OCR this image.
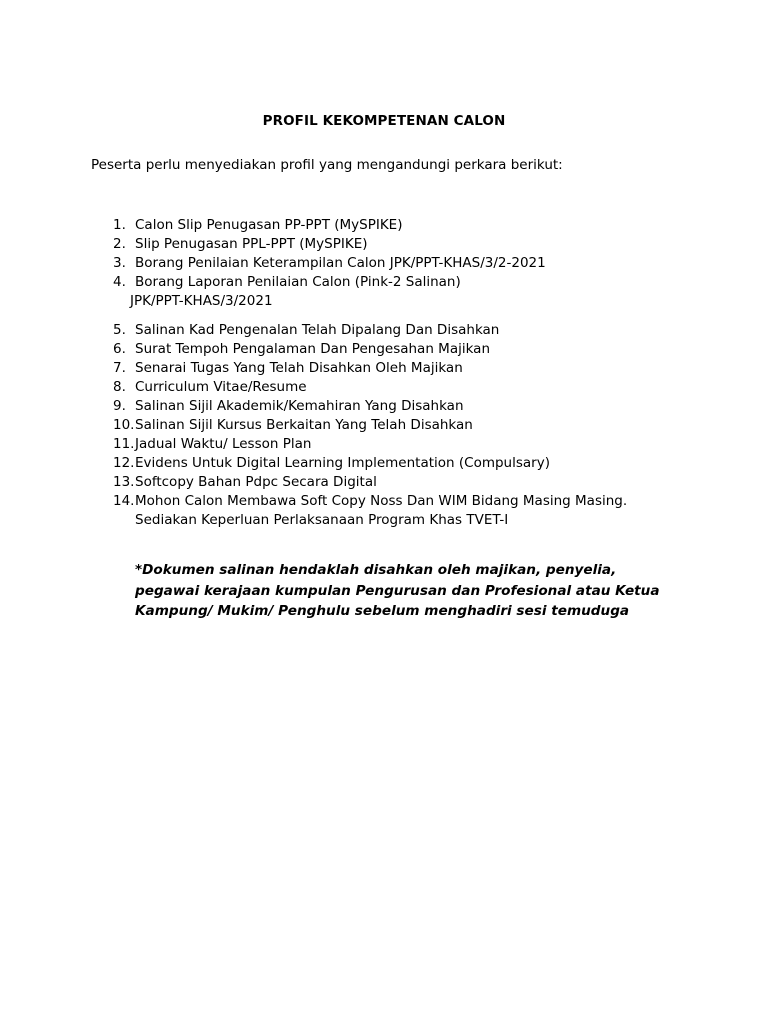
PROFIL KEKOMPETENAN CALON

Peserta perlu menyediakan profil yang mengandungi perkara berikut:

1. Calon Slip Penugasan PP-PPT (MySPIKE)
2. Slip Penugasan PPL-PPT (MySPIKE)
3. Borang Penilaian Keterampilan Calon JPK/PPT-KHAS/3/2-2021
4. Borang Laporan Penilaian Calon (Pink-2 Salinan)
JPK/PPT-KHAS/3/2021
5. Salinan Kad Pengenalan Telah Dipalang Dan Disahkan
6. Surat Tempoh Pengalaman Dan Pengesahan Majikan
7. Senarai Tugas Yang Telah Disahkan Oleh Majikan
8. Curriculum Vitae/Resume
9. Salinan Sijil Akademik/Kemahiran Yang Disahkan
10. Salinan Sijil Kursus Berkaitan Yang Telah Disahkan
11. Jadual Waktu/ Lesson Plan
12. Evidens Untuk Digital Learning Implementation (Compulsary)
13. Softcopy Bahan Pdpc Secara Digital
14. Mohon Calon Membawa Soft Copy Noss Dan WIM Bidang Masing Masing.
Sediakan Keperluan Perlaksanaan Program Khas TVET-I

*Dokumen salinan hendaklah disahkan oleh majikan, penyelia,
pegawai kerajaan kumpulan Pengurusan dan Profesional atau Ketua
Kampung/ Mukim/ Penghulu sebelum menghadiri sesi temuduga
